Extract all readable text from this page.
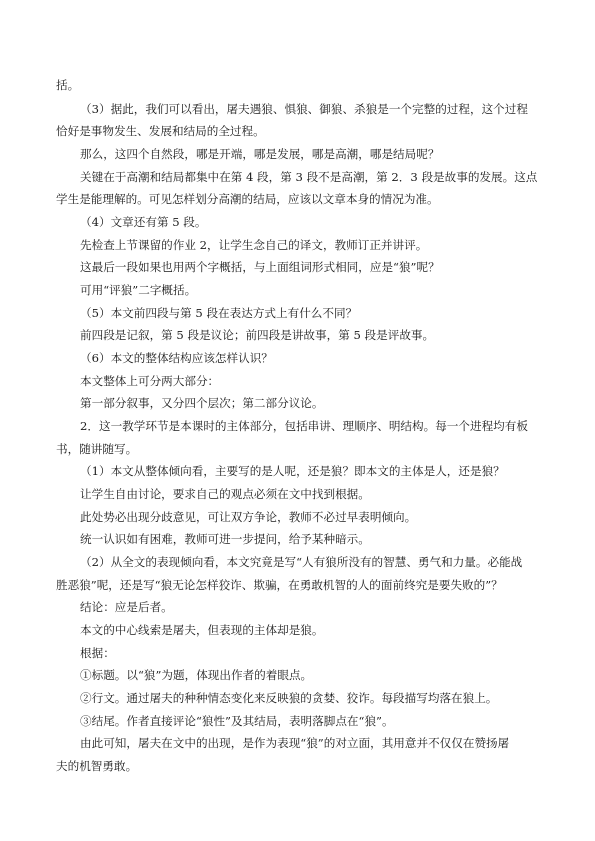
括。
（3）据此，我们可以看出，屠夫遇狼、惧狼、御狼、杀狼是一个完整的过程，这个过程
恰好是事物发生、发展和结局的全过程。
那么，这四个自然段，哪是开端，哪是发展，哪是高潮，哪是结局呢？
关键在于高潮和结局都集中在第 4 段，第 3 段不是高潮，第 2．3 段是故事的发展。这点
学生是能理解的。可见怎样划分高潮的结局，应该以文章本身的情况为准。
（4）文章还有第 5 段。
先检查上节课留的作业 2，让学生念自己的译文，教师订正并讲评。
这最后一段如果也用两个字概括，与上面组词形式相同，应是“狼”呢？
可用“评狼”二字概括。
（5）本文前四段与第 5 段在表达方式上有什么不同？
前四段是记叙，第 5 段是议论；前四段是讲故事，第 5 段是评故事。
（6）本文的整体结构应该怎样认识？
本文整体上可分两大部分：
第一部分叙事，又分四个层次；第二部分议论。
2．这一教学环节是本课时的主体部分，包括串讲、理顺序、明结构。每一个进程均有板
书，随讲随写。
（1）本文从整体倾向看，主要写的是人呢，还是狼？即本文的主体是人，还是狼？
让学生自由讨论，要求自己的观点必须在文中找到根据。
此处势必出现分歧意见，可让双方争论，教师不必过早表明倾向。
统一认识如有困难，教师可进一步提问，给予某种暗示。
（2）从全文的表现倾向看，本文究竟是写“人有狼所没有的智慧、勇气和力量。必能战
胜恶狼”呢，还是写“狼无论怎样狡诈、欺骗，在勇敢机智的人的面前终究是要失败的”？
结论：应是后者。
本文的中心线索是屠夫，但表现的主体却是狼。
根据：
①标题。以“狼”为题，体现出作者的着眼点。
②行文。通过屠夫的种种情态变化来反映狼的贪婪、狡诈。每段描写均落在狼上。
③结尾。作者直接评论“狼性”及其结局，表明落脚点在“狼”。
由此可知，屠夫在文中的出现，是作为表现“狼”的对立面，其用意并不仅仅在赞扬屠
夫的机智勇敢。
